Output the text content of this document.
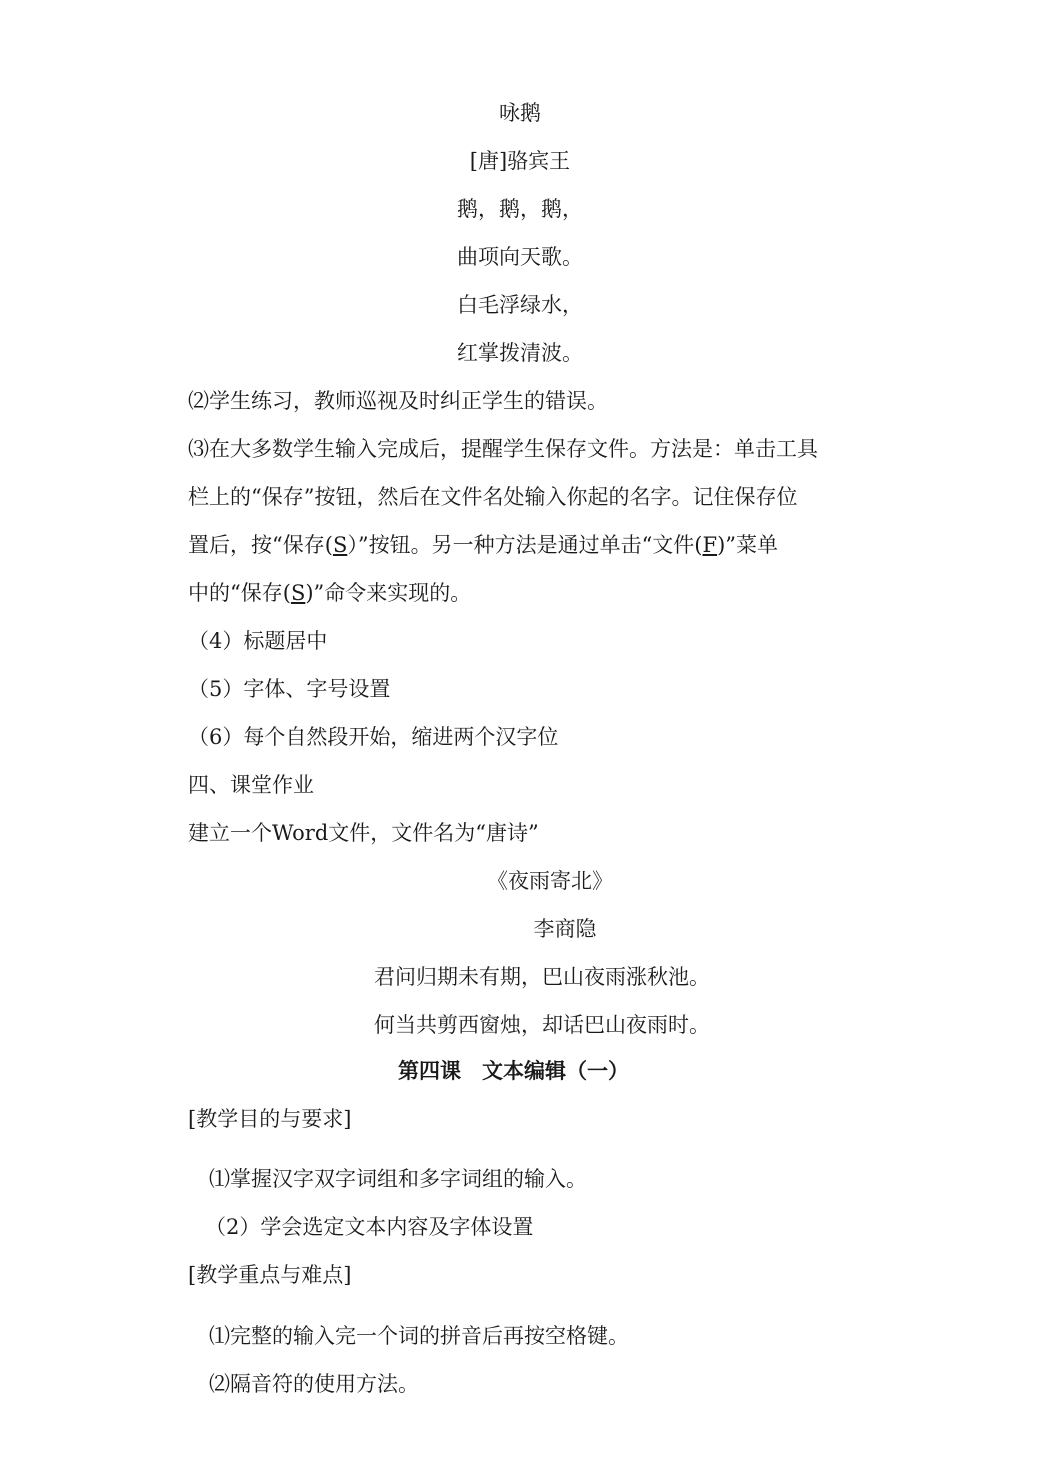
咏鹅
[唐]骆宾王
鹅，鹅，鹅，
曲项向天歌。
白毛浮绿水，
红掌拨清波。
⑵学生练习，教师巡视及时纠正学生的错误。
⑶在大多数学生输入完成后，提醒学生保存文件。方法是：单击工具
栏上的“保存”按钮，然后在文件名处输入你起的名字。记住保存位
置后，按“保存(S）”按钮。另一种方法是通过单击“文件(F)”菜单
中的“保存(S)”命令来实现的。
（4）标题居中
（5）字体、字号设置
（6）每个自然段开始，缩进两个汉字位
四、课堂作业
建立一个Word文件，文件名为“唐诗”
《夜雨寄北》
李商隐
君问归期未有期，巴山夜雨涨秋池。
何当共剪西窗烛，却话巴山夜雨时。
第四课　文本编辑（一）
[教学目的与要求]
⑴掌握汉字双字词组和多字词组的输入。
（2）学会选定文本内容及字体设置
[教学重点与难点]
⑴完整的输入完一个词的拼音后再按空格键。
⑵隔音符的使用方法。
